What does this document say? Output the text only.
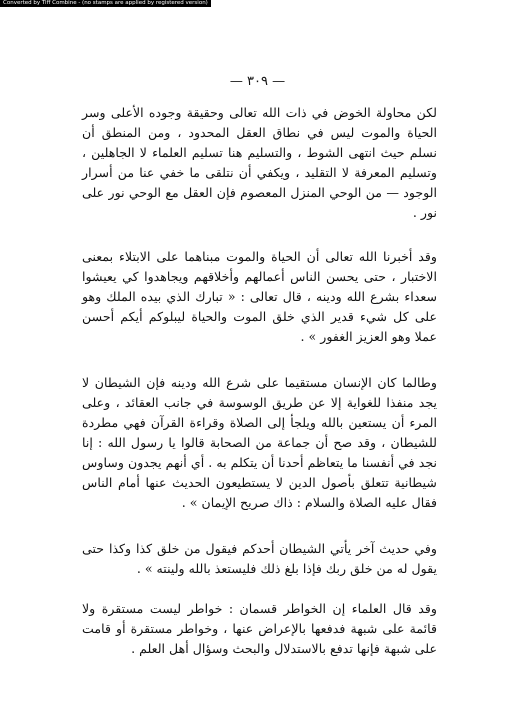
Converted by Tiff Combine - (no stamps are applied by registered version)
— ٣٠٩ —

لكن محاولة الخوض في ذات الله تعالى وحقيقة وجوده الأعلى وسر الحياة والموت ليس في نطاق العقل المحدود ، ومن المنطق أن نسلم حيث انتهى الشوط ، والتسليم هنا تسليم العلماء لا الجاهلين ، وتسليم المعرفة لا التقليد ، ويكفي أن نتلقى ما خفي عنا من أسرار الوجود — من الوحي المنزل المعصوم فإن العقل مع الوحي نور على نور .

وقد أخبرنا الله تعالى أن الحياة والموت مبناهما على الابتلاء بمعنى الاختبار ، حتى يحسن الناس أعمالهم وأخلاقهم ويجاهدوا كي يعيشوا سعداء بشرع الله ودينه ، قال تعالى : « تبارك الذي بيده الملك وهو على كل شيء قدير الذي خلق الموت والحياة ليبلوكم أيكم أحسن عملا وهو العزيز الغفور » .

وطالما كان الإنسان مستقيما على شرع الله ودينه فإن الشيطان لا يجد منفذا للغواية إلا عن طريق الوسوسة في جانب العقائد ، وعلى المرء أن يستعين بالله ويلجأ إلى الصلاة وقراءة القرآن فهي مطردة للشيطان ، وقد صح أن جماعة من الصحابة قالوا يا رسول الله : إنا نجد في أنفسنا ما يتعاظم أحدنا أن يتكلم به . أي أنهم يجدون وساوس شيطانية تتعلق بأصول الدين لا يستطيعون الحديث عنها أمام الناس فقال عليه الصلاة والسلام : ذاك صريح الإيمان » .

وفي حديث آخر يأتي الشيطان أحدكم فيقول من خلق كذا وكذا حتى يقول له من خلق ربك فإذا بلغ ذلك فليستعذ بالله ولينته » .

وقد قال العلماء إن الخواطر قسمان : خواطر ليست مستقرة ولا قائمة على شبهة فدفعها بالإعراض عنها ، وخواطر مستقرة أو قامت على شبهة فإنها تدفع بالاستدلال والبحث وسؤال أهل العلم .
